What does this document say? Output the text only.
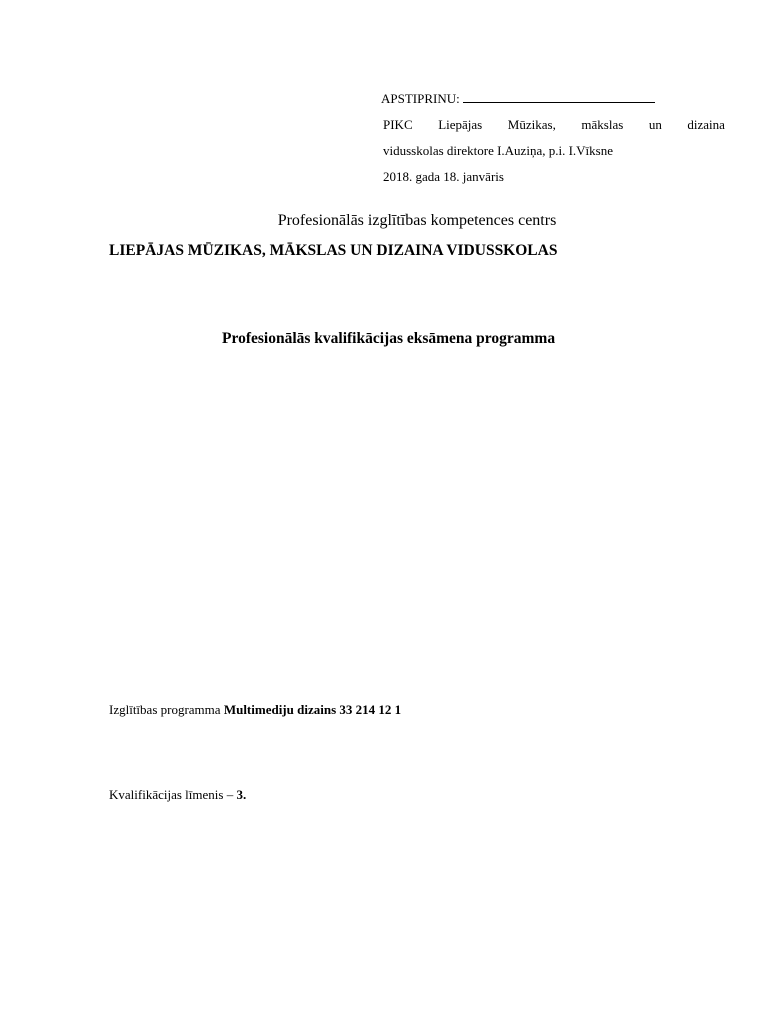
APSTIPRINU:
PIKC Liepājas Mūzikas, mākslas un dizaina
vidusskolas direktore I.Auziņa, p.i. I.Vīksne
2018. gada 18. janvāris
Profesionālās izglītības kompetences centrs
LIEPĀJAS MŪZIKAS, MĀKSLAS UN DIZAINA VIDUSSKOLAS
Profesionālās kvalifikācijas eksāmena programma
Izglītības programma Multimediju dizains 33 214 12 1
Kvalifikācijas līmenis – 3.
